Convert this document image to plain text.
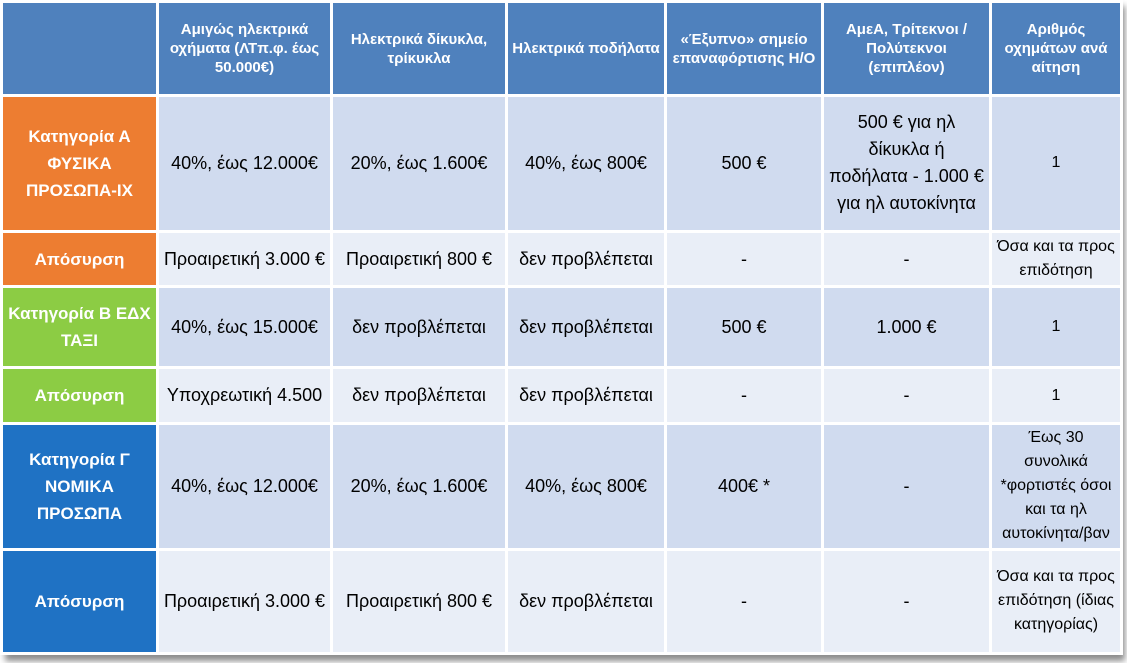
	Αμιγώς ηλεκτρικά οχήματα (ΛΤπ.φ. έως 50.000€)	Ηλεκτρικά δίκυκλα, τρίκυκλα	Ηλεκτρικά ποδήλατα	«Έξυπνο» σημείο επαναφόρτισης Η/Ο	ΑμεΑ, Τρίτεκνοι / Πολύτεκνοι (επιπλέον)	Αριθμός οχημάτων ανά αίτηση
Κατηγορία Α ΦΥΣΙΚΑ ΠΡΟΣΩΠΑ-ΙΧ	40%, έως 12.000€	20%, έως 1.600€	40%, έως 800€	500 €	500 € για ηλ δίκυκλα ή ποδήλατα - 1.000 € για ηλ αυτοκίνητα	1
Απόσυρση	Προαιρετική 3.000 €	Προαιρετική 800 €	δεν προβλέπεται	-	-	Όσα και τα προς επιδότηση
Κατηγορία Β ΕΔΧ ΤΑΞΙ	40%, έως 15.000€	δεν προβλέπεται	δεν προβλέπεται	500 €	1.000 €	1
Απόσυρση	Υποχρεωτική 4.500	δεν προβλέπεται	δεν προβλέπεται	-	-	1
Κατηγορία Γ ΝΟΜΙΚΑ ΠΡΟΣΩΠΑ	40%, έως 12.000€	20%, έως 1.600€	40%, έως 800€	400€ *	-	Έως 30 συνολικά *φορτιστές όσοι και τα ηλ αυτοκίνητα/βαν
Απόσυρση	Προαιρετική 3.000 €	Προαιρετική 800 €	δεν προβλέπεται	-	-	Όσα και τα προς επιδότηση (ίδιας κατηγορίας)
